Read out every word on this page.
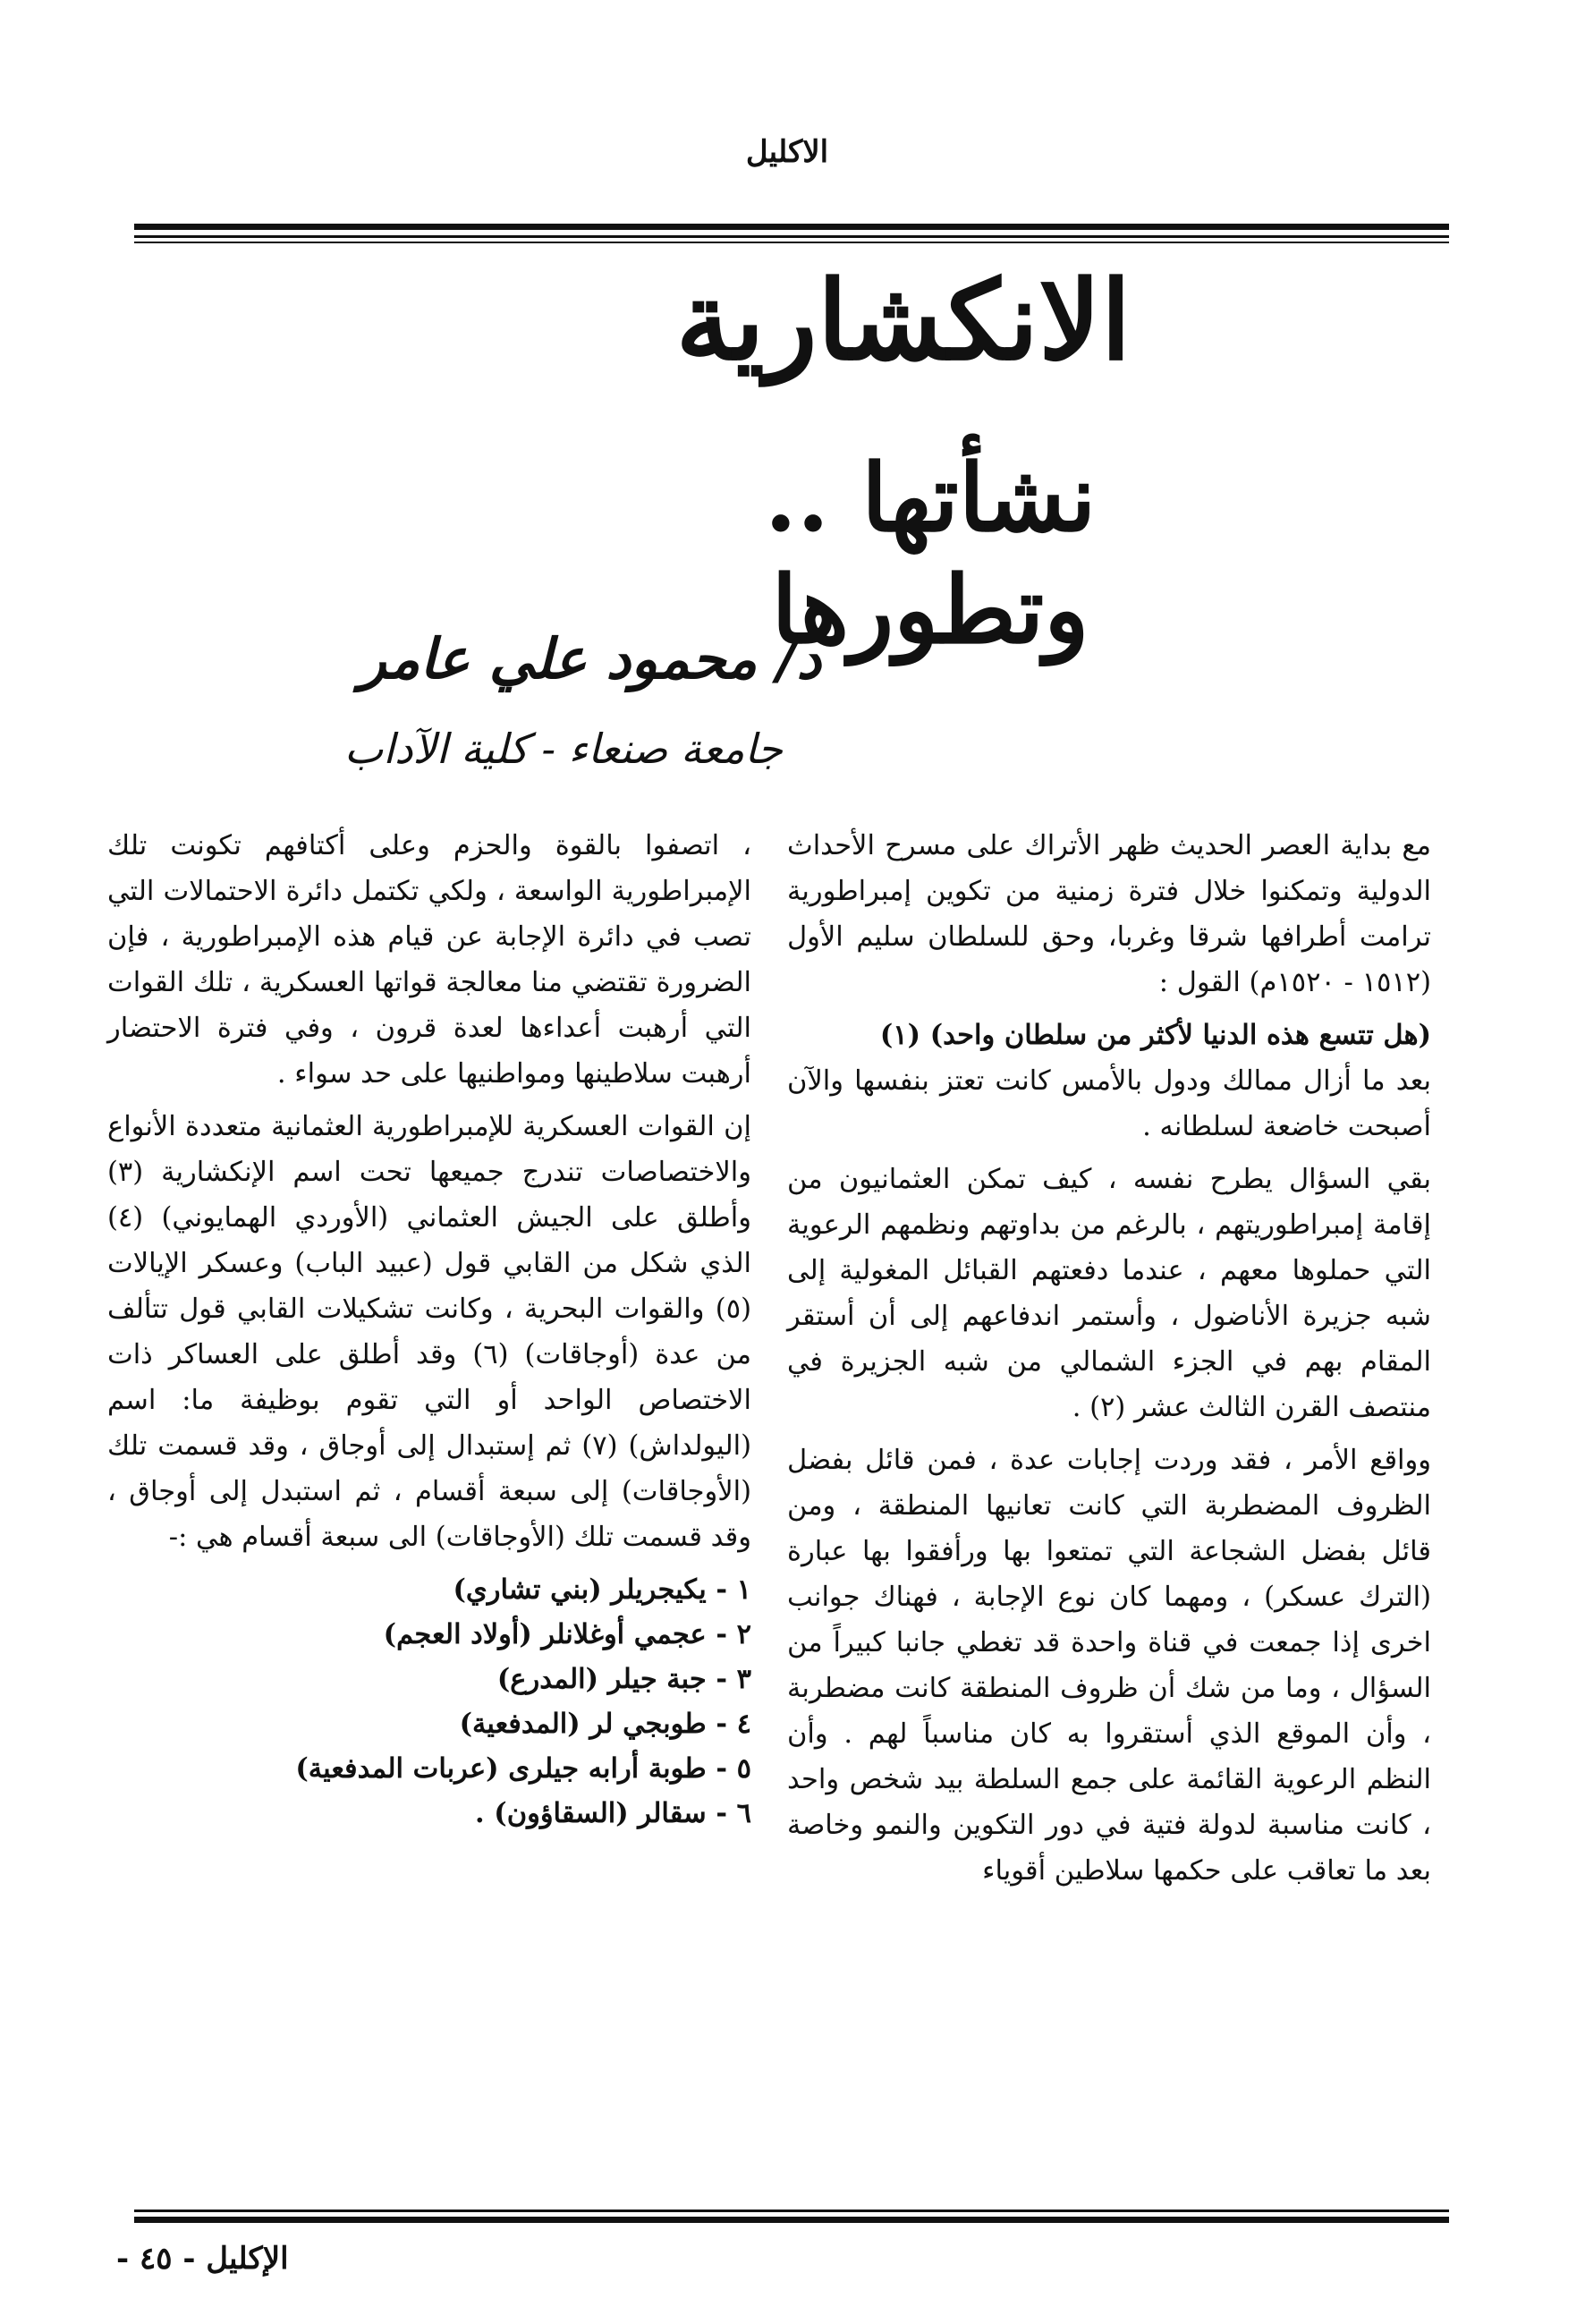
الاكليل
الانكشارية
نشأتها .. وتطورها
د/ محمود علي عامر
جامعة صنعاء - كلية الآداب

مع بداية العصر الحديث ظهر الأتراك على مسرح الأحداث الدولية وتمكنوا خلال فترة زمنية من تكوين إمبراطورية ترامت أطرافها شرقا وغربا، وحق للسلطان سليم الأول (١٥١٢ - ١٥٢٠م) القول :

(هل تتسع هذه الدنيا لأكثر من سلطان واحد) (١)

بعد ما أزال ممالك ودول بالأمس كانت تعتز بنفسها والآن أصبحت خاضعة لسلطانه .

بقي السؤال يطرح نفسه ، كيف تمكن العثمانيون من إقامة إمبراطوريتهم ، بالرغم من بداوتهم ونظمهم الرعوية التي حملوها معهم ، عندما دفعتهم القبائل المغولية إلى شبه جزيرة الأناضول ، وأستمر اندفاعهم إلى أن أستقر المقام بهم في الجزء الشمالي من شبه الجزيرة في منتصف القرن الثالث عشر (٢) .

وواقع الأمر ، فقد وردت إجابات عدة ، فمن قائل بفضل الظروف المضطربة التي كانت تعانيها المنطقة ، ومن قائل بفضل الشجاعة التي تمتعوا بها ورأفقوا بها عبارة (الترك عسكر) ، ومهما كان نوع الإجابة ، فهناك جوانب اخرى إذا جمعت في قناة واحدة قد تغطي جانبا كبيراً من السؤال ، وما من شك أن ظروف المنطقة كانت مضطربة ، وأن الموقع الذي أستقروا به كان مناسباً لهم . وأن النظم الرعوية القائمة على جمع السلطة بيد شخص واحد ، كانت مناسبة لدولة فتية في دور التكوين والنمو وخاصة بعد ما تعاقب على حكمها سلاطين أقوياء

، اتصفوا بالقوة والحزم وعلى أكتافهم تكونت تلك الإمبراطورية الواسعة ، ولكي تكتمل دائرة الاحتمالات التي تصب في دائرة الإجابة عن قيام هذه الإمبراطورية ، فإن الضرورة تقتضي منا معالجة قواتها العسكرية ، تلك القوات التي أرهبت أعداءها لعدة قرون ، وفي فترة الاحتضار أرهبت سلاطينها ومواطنيها على حد سواء .

إن القوات العسكرية للإمبراطورية العثمانية متعددة الأنواع والاختصاصات تندرج جميعها تحت اسم الإنكشارية (٣) وأطلق على الجيش العثماني (الأوردي الهمايوني) (٤) الذي شكل من القابي قول (عبيد الباب) وعسكر الإيالات (٥) والقوات البحرية ، وكانت تشكيلات القابي قول تتألف من عدة (أوجاقات) (٦) وقد أطلق على العساكر ذات الاختصاص الواحد أو التي تقوم بوظيفة ما: اسم (اليولداش) (٧) ثم إستبدال إلى أوجاق ، وقد قسمت تلك (الأوجاقات) إلى سبعة أقسام ، ثم استبدل إلى أوجاق ، وقد قسمت تلك (الأوجاقات) الى سبعة أقسام هي :-

١ - يكيجريلر (بني تشاري)
٢ - عجمي أوغلانلر (أولاد العجم)
٣ - جبة جيلر (المدرع)
٤ - طوبجي لر (المدفعية)
٥ - طوبة أرابه جيلرى (عربات المدفعية)
٦ - سقالر (السقاؤون) .
الإكليل - ٤٥ -
